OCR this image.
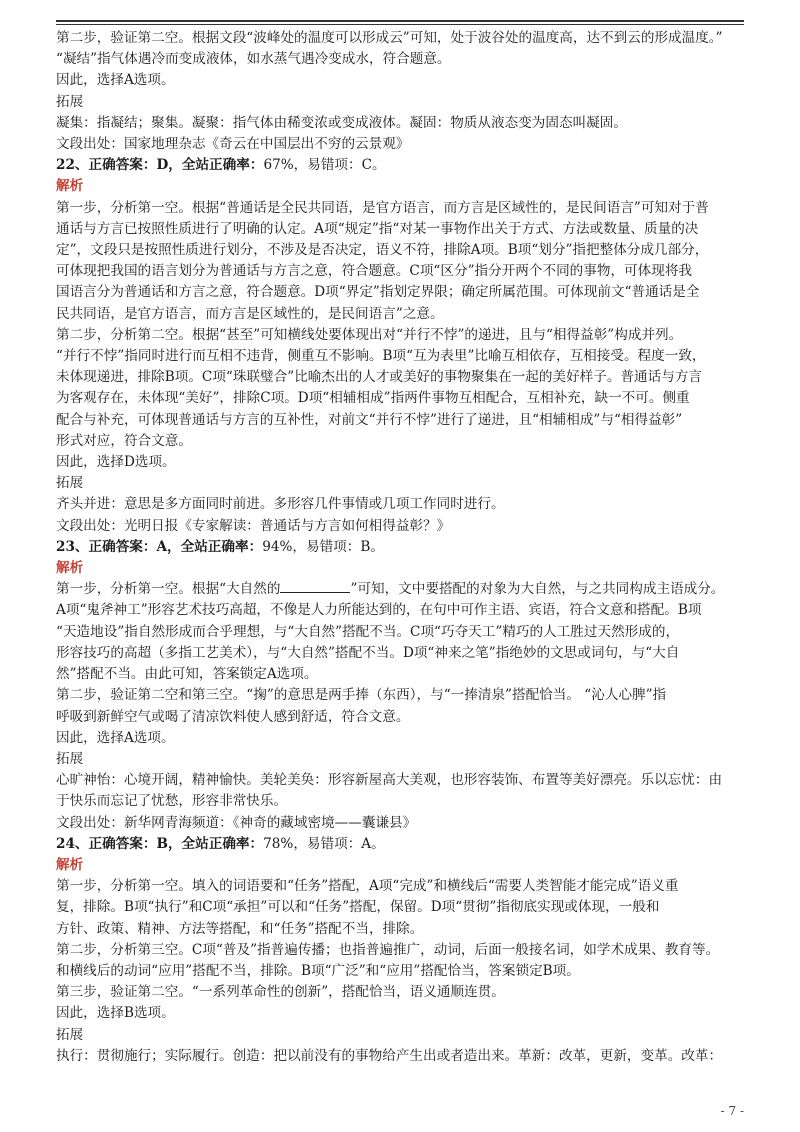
第二步，验证第二空。根据文段“波峰处的温度可以形成云”可知，处于波谷处的温度高，达不到云的形成温度。”
“凝结”指气体遇冷而变成液体，如水蒸气遇冷变成水，符合题意。
因此，选择A选项。
拓展
凝集：指凝结；聚集。凝聚：指气体由稀变浓或变成液体。凝固：物质从液态变为固态叫凝固。
文段出处：国家地理杂志《奇云在中国层出不穷的云景观》
22、正确答案：D，全站正确率：67%，易错项：C。
解析
第一步，分析第一空。根据“普通话是全民共同语，是官方语言，而方言是区域性的，是民间语言”可知对于普
通话与方言已按照性质进行了明确的认定。A项“规定”指“对某一事物作出关于方式、方法或数量、质量的决
定”，文段只是按照性质进行划分，不涉及是否决定，语义不符，排除A项。B项“划分”指把整体分成几部分，
可体现把我国的语言划分为普通话与方言之意，符合题意。C项“区分”指分开两个不同的事物，可体现将我
国语言分为普通话和方言之意，符合题意。D项“界定”指划定界限；确定所属范围。可体现前文“普通话是全
民共同语，是官方语言，而方言是区域性的，是民间语言”之意。
第二步，分析第二空。根据“甚至”可知横线处要体现出对“并行不悖”的递进，且与“相得益彰”构成并列。
“并行不悖”指同时进行而互相不违背，侧重互不影响。B项“互为表里”比喻互相依存，互相接受。程度一致，
未体现递进，排除B项。C项“珠联璧合”比喻杰出的人才或美好的事物聚集在一起的美好样子。普通话与方言
为客观存在，未体现“美好”，排除C项。D项“相辅相成”指两件事物互相配合，互相补充，缺一不可。侧重
配合与补充，可体现普通话与方言的互补性，对前文“并行不悖”进行了递进，且“相辅相成”与“相得益彰”
形式对应，符合文意。
因此，选择D选项。
拓展
齐头并进：意思是多方面同时前进。多形容几件事情或几项工作同时进行。
文段出处：光明日报《专家解读：普通话与方言如何相得益彰？》
23、正确答案：A，全站正确率：94%，易错项：B。
解析
第一步，分析第一空。根据“大自然的	”可知，文中要搭配的对象为大自然，与之共同构成主语成分。
A项“鬼斧神工”形容艺术技巧高超，不像是人力所能达到的，在句中可作主语、宾语，符合文意和搭配。B项
“天造地设”指自然形成而合乎理想，与“大自然”搭配不当。C项“巧夺天工”精巧的人工胜过天然形成的，
形容技巧的高超（多指工艺美术），与“大自然”搭配不当。D项“神来之笔”指绝妙的文思或词句，与“大自
然”搭配不当。由此可知，答案锁定A选项。
第二步，验证第二空和第三空。“掬”的意思是两手捧（东西），与“一捧清泉”搭配恰当。 “沁人心脾”指
呼吸到新鲜空气或喝了清凉饮料使人感到舒适，符合文意。
因此，选择A选项。
拓展
心旷神怡：心境开阔，精神愉快。美轮美奂：形容新屋高大美观，也形容装饰、布置等美好漂亮。乐以忘忧：由
于快乐而忘记了忧愁，形容非常快乐。
文段出处：新华网青海频道：《神奇的藏域密境——囊谦县》
24、正确答案：B，全站正确率：78%，易错项：A。
解析
第一步，分析第一空。填入的词语要和“任务”搭配，A项“完成”和横线后“需要人类智能才能完成”语义重
复，排除。B项“执行”和C项“承担”可以和“任务”搭配，保留。D项“贯彻”指彻底实现或体现，一般和
方针、政策、精神、方法等搭配，和“任务”搭配不当，排除。
第二步，分析第三空。C项“普及”指普遍传播；也指普遍推广，动词，后面一般接名词，如学术成果、教育等。
和横线后的动词“应用”搭配不当，排除。B项“广泛”和“应用”搭配恰当，答案锁定B项。
第三步，验证第二空。“一系列革命性的创新”，搭配恰当，语义通顺连贯。
因此，选择B选项。
拓展
执行：贯彻施行；实际履行。创造：把以前没有的事物给产生出或者造出来。革新：改革，更新，变革。改革：
- 7 -
